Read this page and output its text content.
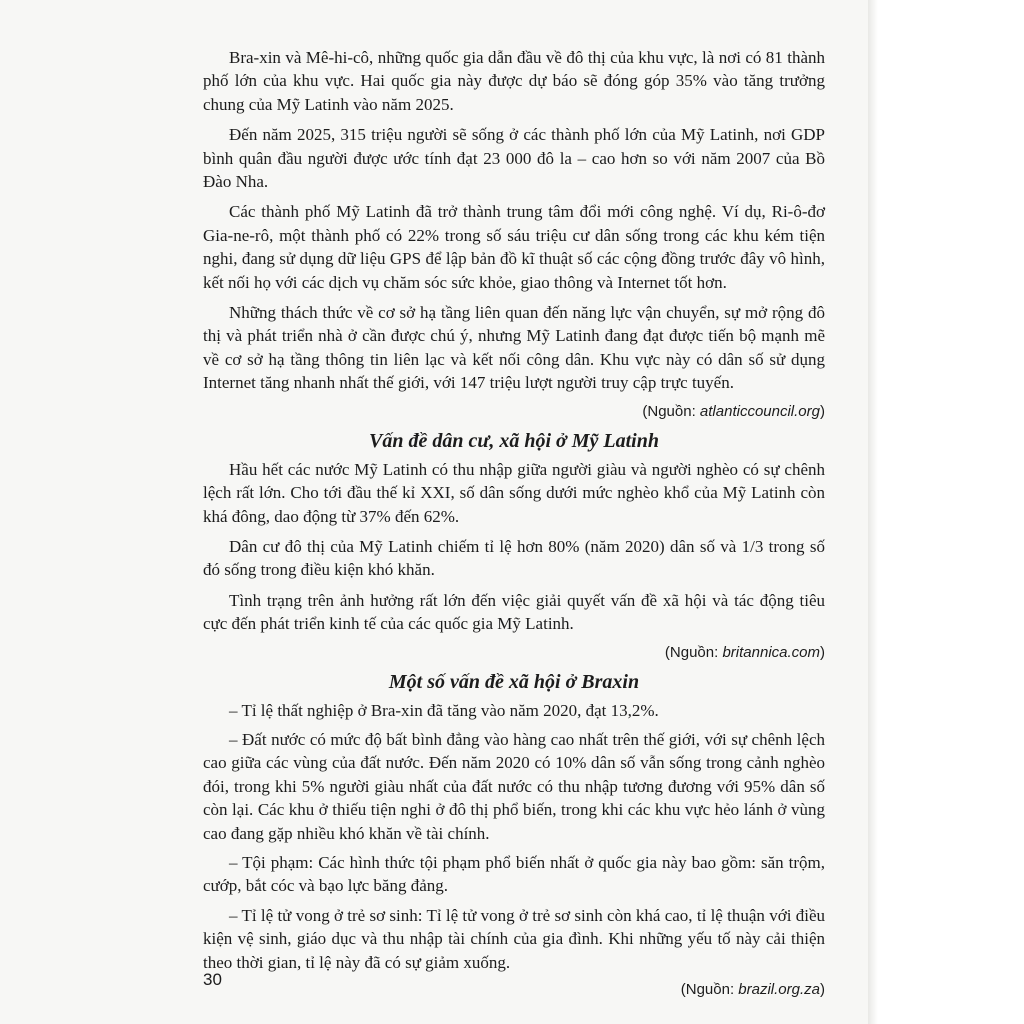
Bra-xin và Mê-hi-cô, những quốc gia dẫn đầu về đô thị của khu vực, là nơi có 81 thành phố lớn của khu vực. Hai quốc gia này được dự báo sẽ đóng góp 35% vào tăng trưởng chung của Mỹ Latinh vào năm 2025.

Đến năm 2025, 315 triệu người sẽ sống ở các thành phố lớn của Mỹ Latinh, nơi GDP bình quân đầu người được ước tính đạt 23 000 đô la – cao hơn so với năm 2007 của Bồ Đào Nha.

Các thành phố Mỹ Latinh đã trở thành trung tâm đổi mới công nghệ. Ví dụ, Ri-ô-đơ Gia-ne-rô, một thành phố có 22% trong số sáu triệu cư dân sống trong các khu kém tiện nghi, đang sử dụng dữ liệu GPS để lập bản đồ kĩ thuật số các cộng đồng trước đây vô hình, kết nối họ với các dịch vụ chăm sóc sức khỏe, giao thông và Internet tốt hơn.

Những thách thức về cơ sở hạ tầng liên quan đến năng lực vận chuyển, sự mở rộng đô thị và phát triển nhà ở cần được chú ý, nhưng Mỹ Latinh đang đạt được tiến bộ mạnh mẽ về cơ sở hạ tầng thông tin liên lạc và kết nối công dân. Khu vực này có dân số sử dụng Internet tăng nhanh nhất thế giới, với 147 triệu lượt người truy cập trực tuyến.

(Nguồn: atlanticcouncil.org)
Vấn đề dân cư, xã hội ở Mỹ Latinh

Hầu hết các nước Mỹ Latinh có thu nhập giữa người giàu và người nghèo có sự chênh lệch rất lớn. Cho tới đầu thế kỉ XXI, số dân sống dưới mức nghèo khổ của Mỹ Latinh còn khá đông, dao động từ 37% đến 62%.

Dân cư đô thị của Mỹ Latinh chiếm tỉ lệ hơn 80% (năm 2020) dân số và 1/3 trong số đó sống trong điều kiện khó khăn.

Tình trạng trên ảnh hưởng rất lớn đến việc giải quyết vấn đề xã hội và tác động tiêu cực đến phát triển kinh tế của các quốc gia Mỹ Latinh.

(Nguồn: britannica.com)
Một số vấn đề xã hội ở Braxin

– Tỉ lệ thất nghiệp ở Bra-xin đã tăng vào năm 2020, đạt 13,2%.

– Đất nước có mức độ bất bình đẳng vào hàng cao nhất trên thế giới, với sự chênh lệch cao giữa các vùng của đất nước. Đến năm 2020 có 10% dân số vẫn sống trong cảnh nghèo đói, trong khi 5% người giàu nhất của đất nước có thu nhập tương đương với 95% dân số còn lại. Các khu ở thiếu tiện nghi ở đô thị phổ biến, trong khi các khu vực hẻo lánh ở vùng cao đang gặp nhiều khó khăn về tài chính.

– Tội phạm: Các hình thức tội phạm phổ biến nhất ở quốc gia này bao gồm: săn trộm, cướp, bắt cóc và bạo lực băng đảng.

– Tỉ lệ tử vong ở trẻ sơ sinh: Tỉ lệ tử vong ở trẻ sơ sinh còn khá cao, tỉ lệ thuận với điều kiện vệ sinh, giáo dục và thu nhập tài chính của gia đình. Khi những yếu tố này cải thiện theo thời gian, tỉ lệ này đã có sự giảm xuống.

(Nguồn: brazil.org.za)
30
